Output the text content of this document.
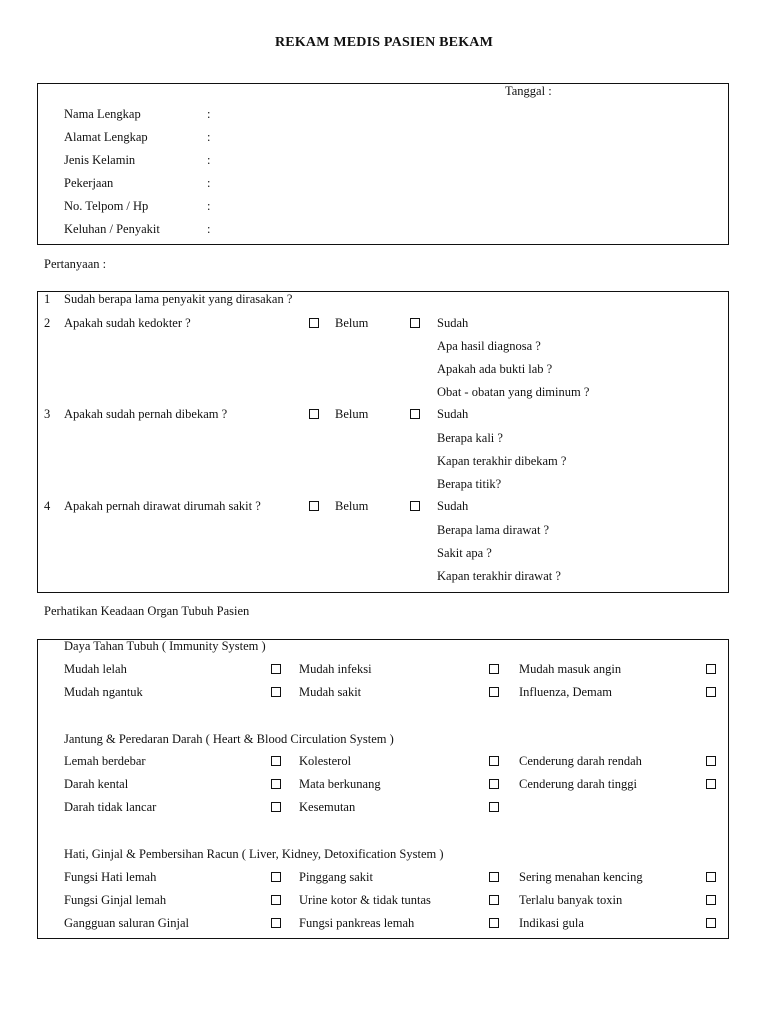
REKAM MEDIS PASIEN BEKAM
Tanggal :
Nama Lengkap	:
Alamat Lengkap	:
Jenis Kelamin	:
Pekerjaan	:
No. Telpom / Hp	:
Keluhan / Penyakit	:
Pertanyaan :
1 Sudah berapa lama penyakit yang dirasakan ?
2 Apakah sudah kedokter ?	Belum	Sudah
Apa hasil diagnosa ?
Apakah ada bukti lab ?
Obat - obatan yang diminum ?
3 Apakah sudah pernah dibekam ?	Belum	Sudah
Berapa kali ?
Kapan terakhir dibekam ?
Berapa titik?
4 Apakah pernah dirawat dirumah sakit ?	Belum	Sudah
Berapa lama dirawat ?
Sakit apa ?
Kapan terakhir dirawat ?
Perhatikan Keadaan Organ Tubuh Pasien
Daya Tahan Tubuh ( Immunity System )
Mudah lelah	Mudah infeksi	Mudah masuk angin
Mudah ngantuk	Mudah sakit	Influenza, Demam
Jantung & Peredaran Darah ( Heart & Blood Circulation System )
Lemah berdebar	Kolesterol	Cenderung darah rendah
Darah kental	Mata berkunang	Cenderung darah tinggi
Darah tidak lancar	Kesemutan
Hati, Ginjal & Pembersihan Racun ( Liver, Kidney, Detoxification System )
Fungsi Hati lemah	Pinggang sakit	Sering menahan kencing
Fungsi Ginjal lemah	Urine kotor & tidak tuntas	Terlalu banyak toxin
Gangguan saluran Ginjal	Fungsi pankreas lemah	Indikasi gula
